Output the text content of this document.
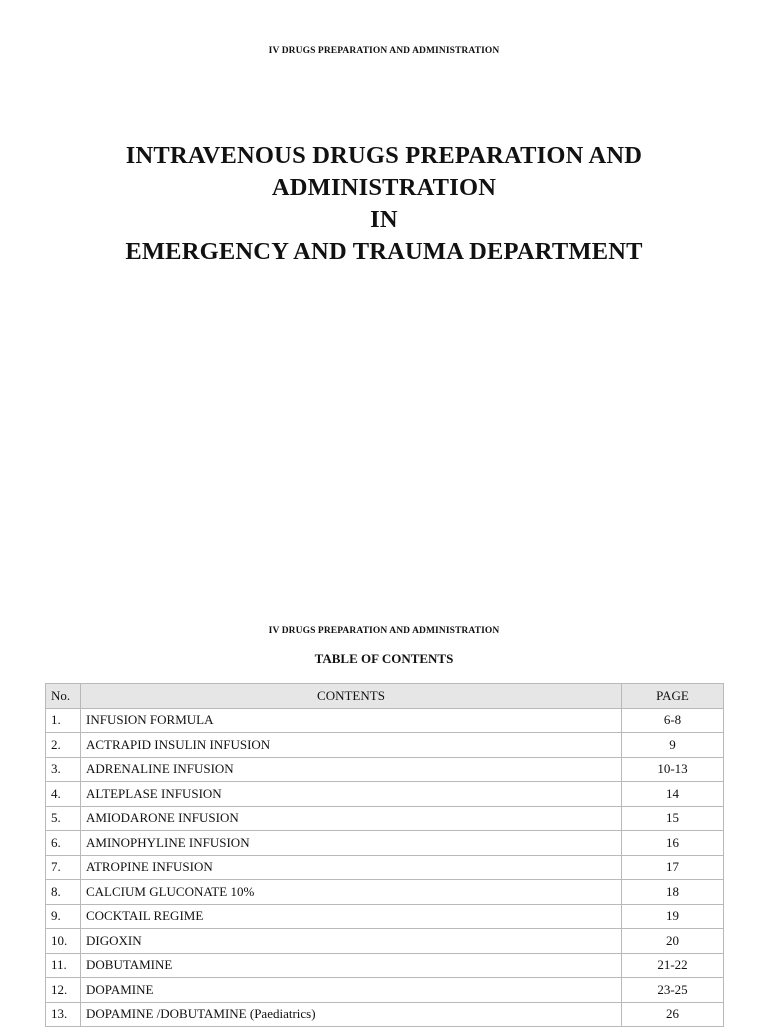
IV DRUGS PREPARATION AND ADMINISTRATION
INTRAVENOUS DRUGS PREPARATION AND
ADMINISTRATION
IN
EMERGENCY AND TRAUMA DEPARTMENT
IV DRUGS PREPARATION AND ADMINISTRATION
TABLE OF CONTENTS
No.	CONTENTS	PAGE
1.	INFUSION FORMULA	6-8
2.	ACTRAPID INSULIN INFUSION	9
3.	ADRENALINE INFUSION	10-13
4.	ALTEPLASE INFUSION	14
5.	AMIODARONE INFUSION	15
6.	AMINOPHYLINE INFUSION	16
7.	ATROPINE INFUSION	17
8.	CALCIUM GLUCONATE 10%	18
9.	COCKTAIL REGIME	19
10.	DIGOXIN	20
11.	DOBUTAMINE	21-22
12.	DOPAMINE	23-25
13.	DOPAMINE /DOBUTAMINE (Paediatrics)	26
